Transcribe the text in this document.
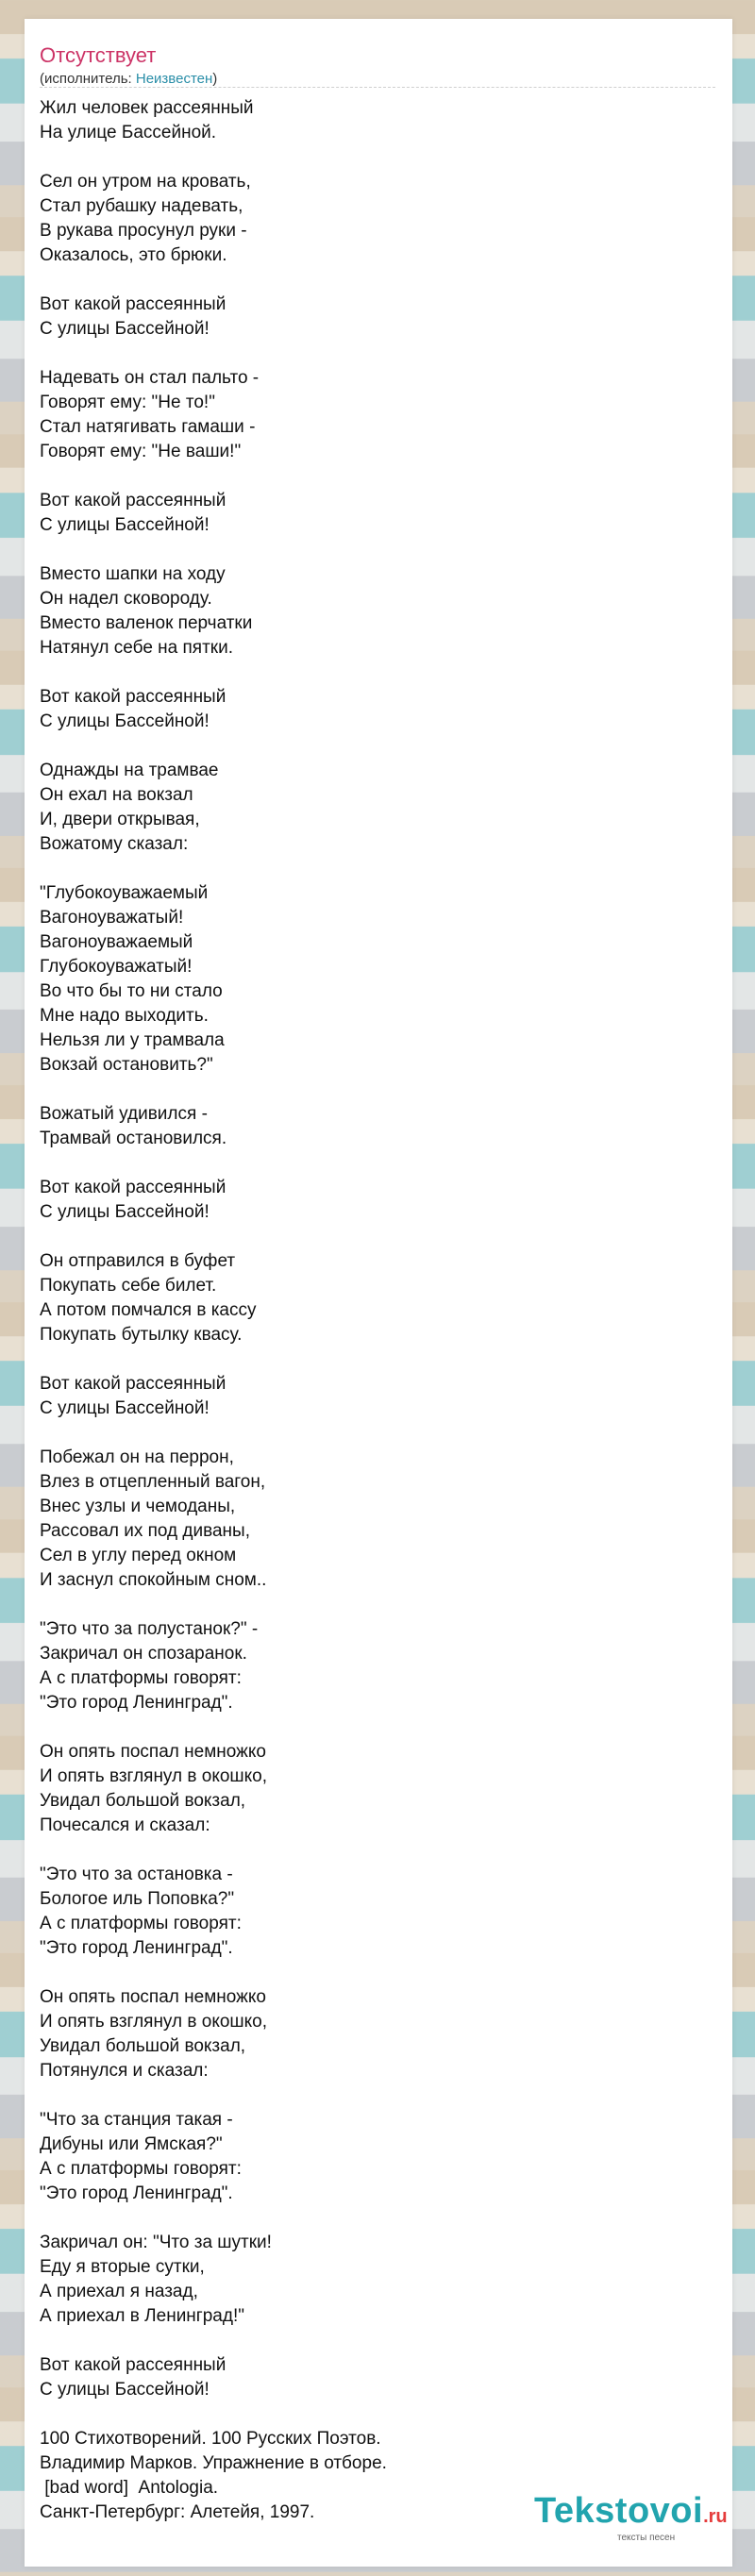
Отсутствует
(исполнитель: Неизвестен)
Жил человек рассеянный
На улице Бассейной.

Сел он утром на кровать,
Стал рубашку надевать,
В рукава просунул руки -
Оказалось, это брюки.

Вот какой рассеянный
С улицы Бассейной!

Надевать он стал пальто -
Говорят ему: "Не то!"
Стал натягивать гамаши -
Говорят ему: "Не ваши!"

Вот какой рассеянный
С улицы Бассейной!

Вместо шапки на ходу
Он надел сковороду.
Вместо валенок перчатки
Натянул себе на пятки.

Вот какой рассеянный
С улицы Бассейной!

Однажды на трамвае
Он ехал на вокзал
И, двери открывая,
Вожатому сказал:

"Глубокоуважаемый
Вагоноуважатый!
Вагоноуважаемый
Глубокоуважатый!
Во что бы то ни стало
Мне надо выходить.
Нельзя ли у трамвала
Вокзай остановить?"

Вожатый удивился -
Трамвай остановился.

Вот какой рассеянный
С улицы Бассейной!

Он отправился в буфет
Покупать себе билет.
А потом помчался в кассу
Покупать бутылку квасу.

Вот какой рассеянный
С улицы Бассейной!

Побежал он на перрон,
Влез в отцепленный вагон,
Внес узлы и чемоданы,
Рассовал их под диваны,
Сел в углу перед окном
И заснул спокойным сном..

"Это что за полустанок?" -
Закричал он спозаранок.
А с платформы говорят:
"Это город Ленинград".

Он опять поспал немножко
И опять взглянул в окошко,
Увидал большой вокзал,
Почесался и сказал:

"Это что за остановка -
Бологое иль Поповка?"
А с платформы говорят:
"Это город Ленинград".

Он опять поспал немножко
И опять взглянул в окошко,
Увидал большой вокзал,
Потянулся и сказал:

"Что за станция такая -
Дибуны или Ямская?"
А с платформы говорят:
"Это город Ленинград".

Закричал он: "Что за шутки!
Еду я вторые сутки,
А приехал я назад,
А приехал в Ленинград!"

Вот какой рассеянный
С улицы Бассейной!

100 Стихотворений. 100 Русских Поэтов.
Владимир Марков. Упражнение в отборе.
[bad word]  Antologia.
Санкт-Петербург: Алетейя, 1997.	Tekstovoi.ru
тексты песен
